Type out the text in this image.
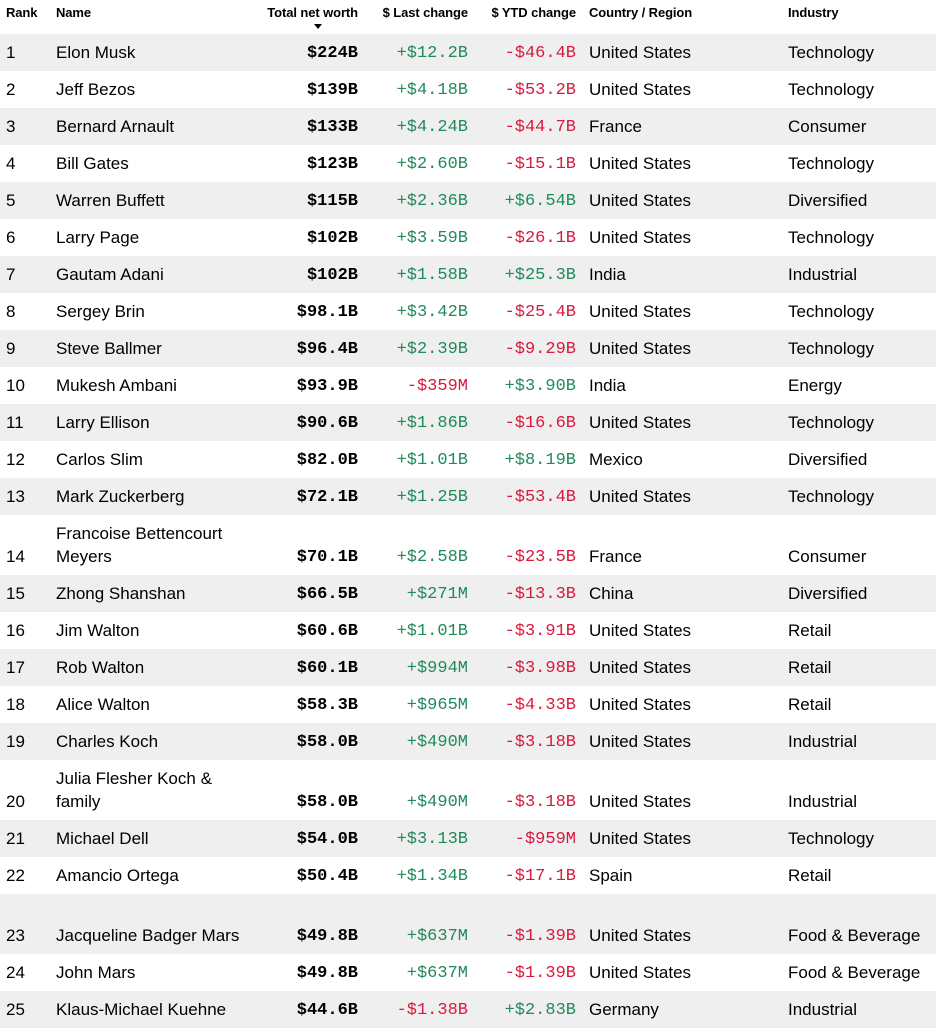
Rank	Name	Total net worth	$ Last change	$ YTD change	Country / Region	Industry
1	Elon Musk	$224B	+$12.2B	-$46.4B	United States	Technology
2	Jeff Bezos	$139B	+$4.18B	-$53.2B	United States	Technology
3	Bernard Arnault	$133B	+$4.24B	-$44.7B	France	Consumer
4	Bill Gates	$123B	+$2.60B	-$15.1B	United States	Technology
5	Warren Buffett	$115B	+$2.36B	+$6.54B	United States	Diversified
6	Larry Page	$102B	+$3.59B	-$26.1B	United States	Technology
7	Gautam Adani	$102B	+$1.58B	+$25.3B	India	Industrial
8	Sergey Brin	$98.1B	+$3.42B	-$25.4B	United States	Technology
9	Steve Ballmer	$96.4B	+$2.39B	-$9.29B	United States	Technology
10	Mukesh Ambani	$93.9B	-$359M	+$3.90B	India	Energy
11	Larry Ellison	$90.6B	+$1.86B	-$16.6B	United States	Technology
12	Carlos Slim	$82.0B	+$1.01B	+$8.19B	Mexico	Diversified
13	Mark Zuckerberg	$72.1B	+$1.25B	-$53.4B	United States	Technology
14	Francoise Bettencourt Meyers	$70.1B	+$2.58B	-$23.5B	France	Consumer
15	Zhong Shanshan	$66.5B	+$271M	-$13.3B	China	Diversified
16	Jim Walton	$60.6B	+$1.01B	-$3.91B	United States	Retail
17	Rob Walton	$60.1B	+$994M	-$3.98B	United States	Retail
18	Alice Walton	$58.3B	+$965M	-$4.33B	United States	Retail
19	Charles Koch	$58.0B	+$490M	-$3.18B	United States	Industrial
20	Julia Flesher Koch & family	$58.0B	+$490M	-$3.18B	United States	Industrial
21	Michael Dell	$54.0B	+$3.13B	-$959M	United States	Technology
22	Amancio Ortega	$50.4B	+$1.34B	-$17.1B	Spain	Retail
23	Jacqueline Badger Mars	$49.8B	+$637M	-$1.39B	United States	Food & Beverage
24	John Mars	$49.8B	+$637M	-$1.39B	United States	Food & Beverage
25	Klaus-Michael Kuehne	$44.6B	-$1.38B	+$2.83B	Germany	Industrial
